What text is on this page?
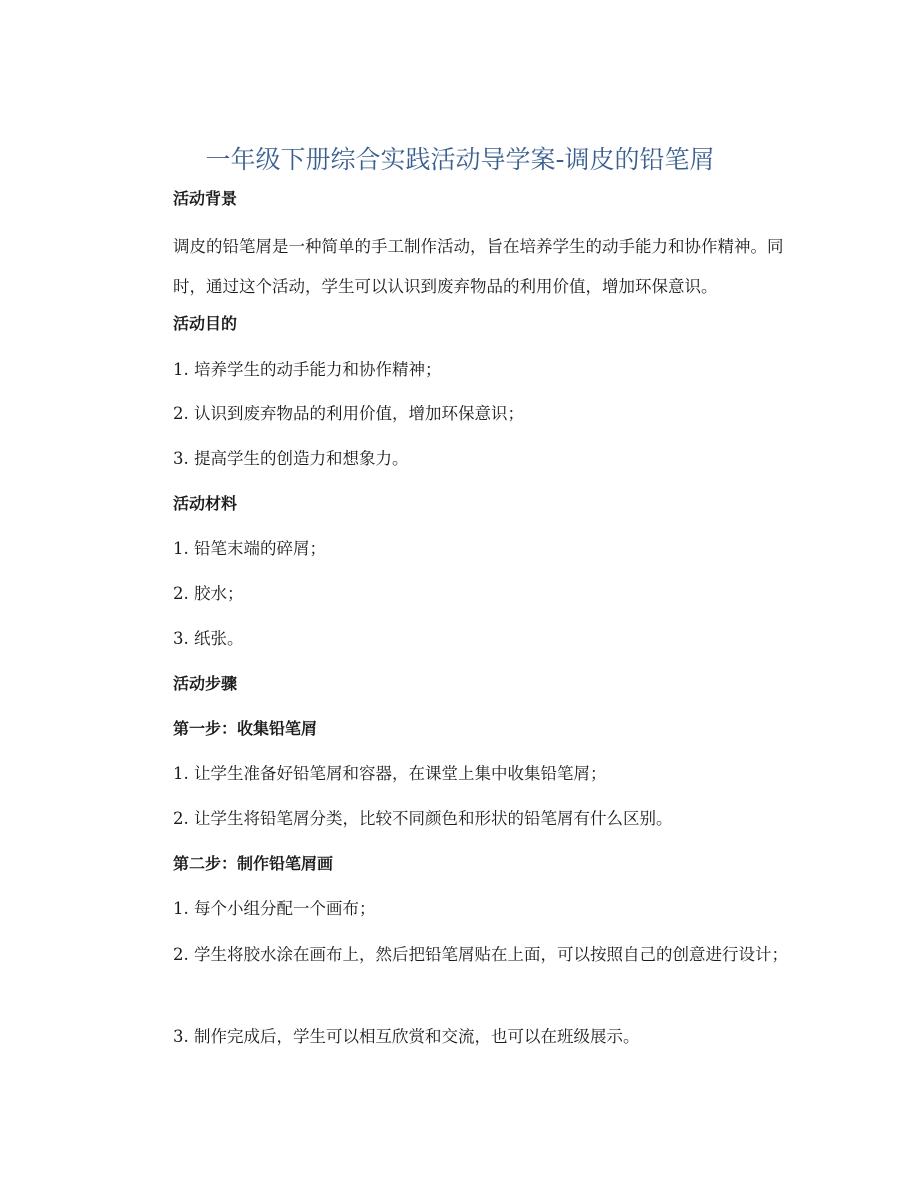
一年级下册综合实践活动导学案-调皮的铅笔屑
活动背景
调皮的铅笔屑是一种简单的手工制作活动，旨在培养学生的动手能力和协作精神。同时，通过这个活动，学生可以认识到废弃物品的利用价值，增加环保意识。
活动目的
1. 培养学生的动手能力和协作精神；
2. 认识到废弃物品的利用价值，增加环保意识；
3. 提高学生的创造力和想象力。
活动材料
1. 铅笔末端的碎屑；
2. 胶水；
3. 纸张。
活动步骤
第一步：收集铅笔屑
1. 让学生准备好铅笔屑和容器，在课堂上集中收集铅笔屑；
2. 让学生将铅笔屑分类，比较不同颜色和形状的铅笔屑有什么区别。
第二步：制作铅笔屑画
1. 每个小组分配一个画布；
2. 学生将胶水涂在画布上，然后把铅笔屑贴在上面，可以按照自己的创意进行设计；
3. 制作完成后，学生可以相互欣赏和交流，也可以在班级展示。
